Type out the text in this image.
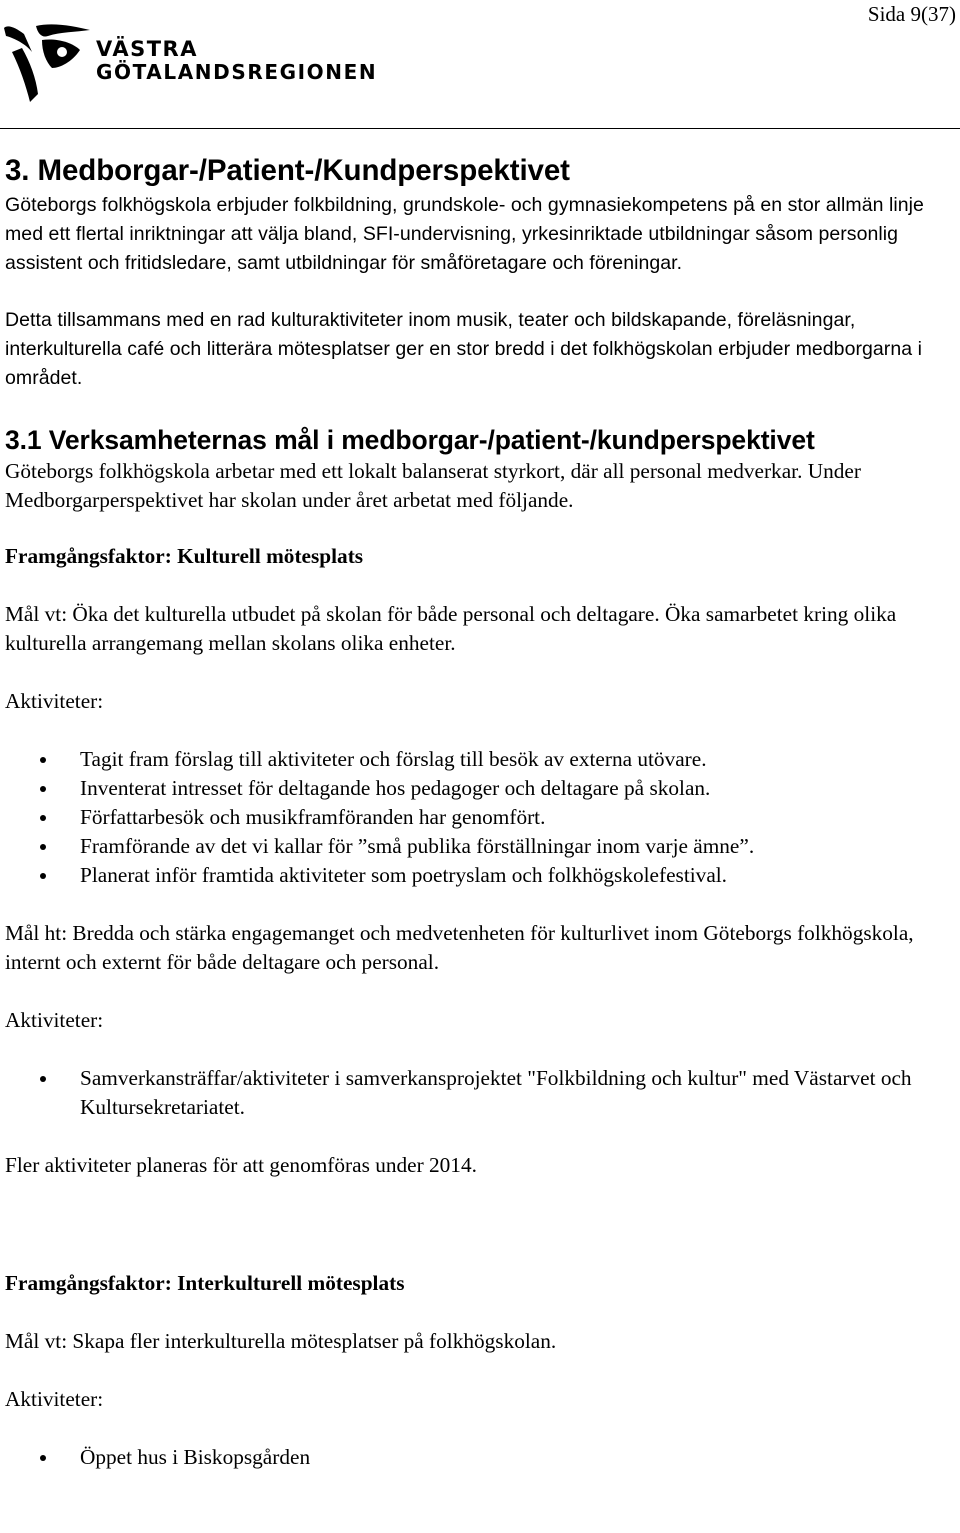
Sida 9(37)
VÄSTRA
GÖTALANDSREGIONEN
3. Medborgar-/Patient-/Kundperspektivet

Göteborgs folkhögskola erbjuder folkbildning, grundskole- och gymnasiekompetens på en stor allmän linje med ett flertal inriktningar att välja bland, SFI-undervisning, yrkesinriktade utbildningar såsom personlig assistent och fritidsledare, samt utbildningar för småföretagare och föreningar.

Detta tillsammans med en rad kulturaktiviteter inom musik, teater och bildskapande, föreläsningar, interkulturella café och litterära mötesplatser ger en stor bredd i det folkhögskolan erbjuder medborgarna i området.

3.1 Verksamheternas mål i medborgar-/patient-/kundperspektivet

Göteborgs folkhögskola arbetar med ett lokalt balanserat styrkort, där all personal medverkar. Under Medborgarperspektivet har skolan under året arbetat med följande.

Framgångsfaktor: Kulturell mötesplats

Mål vt: Öka det kulturella utbudet på skolan för både personal och deltagare. Öka samarbetet kring olika kulturella arrangemang mellan skolans olika enheter.

Aktiviteter:

Tagit fram förslag till aktiviteter och förslag till besök av externa utövare.
Inventerat intresset för deltagande hos pedagoger och deltagare på skolan.
Författarbesök och musikframföranden har genomfört.
Framförande av det vi kallar för ”små publika förställningar inom varje ämne”.
Planerat inför framtida aktiviteter som poetryslam och folkhögskolefestival.

Mål ht: Bredda och stärka engagemanget och medvetenheten för kulturlivet inom Göteborgs folkhögskola, internt och externt för både deltagare och personal.

Aktiviteter:

Samverkansträffar/aktiviteter i samverkansprojektet "Folkbildning och kultur" med Västarvet och Kultursekretariatet.

Fler aktiviteter planeras för att genomföras under 2014.

Framgångsfaktor: Interkulturell mötesplats

Mål vt: Skapa fler interkulturella mötesplatser på folkhögskolan.

Aktiviteter:

Öppet hus i Biskopsgården
